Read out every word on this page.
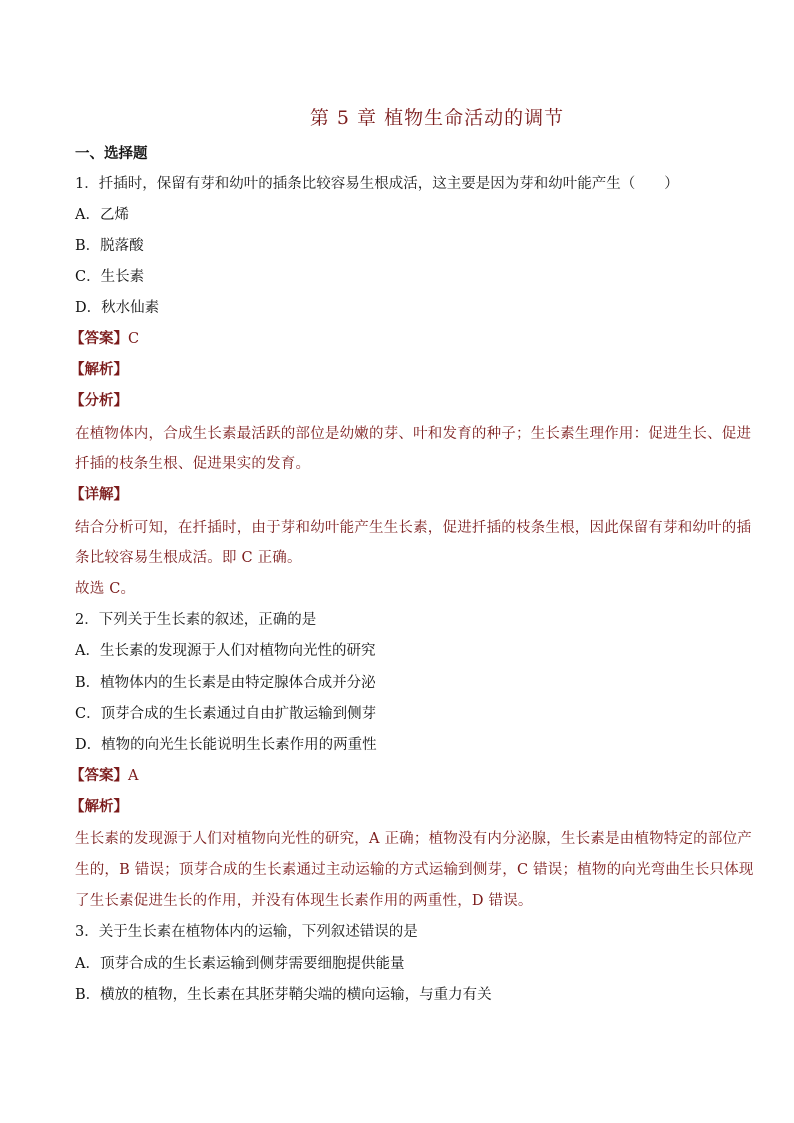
第 5 章 植物生命活动的调节
一、选择题
1．扦插时，保留有芽和幼叶的插条比较容易生根成活，这主要是因为芽和幼叶能产生（　　）
A．乙烯
B．脱落酸
C．生长素
D．秋水仙素
【答案】C
【解析】
【分析】
在植物体内，合成生长素最活跃的部位是幼嫩的芽、叶和发育的种子；生长素生理作用：促进生长、促进
扦插的枝条生根、促进果实的发育。
【详解】
结合分析可知，在扦插时，由于芽和幼叶能产生生长素，促进扦插的枝条生根，因此保留有芽和幼叶的插
条比较容易生根成活。即 C 正确。
故选 C。
2．下列关于生长素的叙述，正确的是
A．生长素的发现源于人们对植物向光性的研究
B．植物体内的生长素是由特定腺体合成并分泌
C．顶芽合成的生长素通过自由扩散运输到侧芽
D．植物的向光生长能说明生长素作用的两重性
【答案】A
【解析】
生长素的发现源于人们对植物向光性的研究，A 正确；植物没有内分泌腺，生长素是由植物特定的部位产
生的，B 错误；顶芽合成的生长素通过主动运输的方式运输到侧芽，C 错误；植物的向光弯曲生长只体现
了生长素促进生长的作用，并没有体现生长素作用的两重性，D 错误。
3．关于生长素在植物体内的运输，下列叙述错误的是
A．顶芽合成的生长素运输到侧芽需要细胞提供能量
B．横放的植物，生长素在其胚芽鞘尖端的横向运输，与重力有关
